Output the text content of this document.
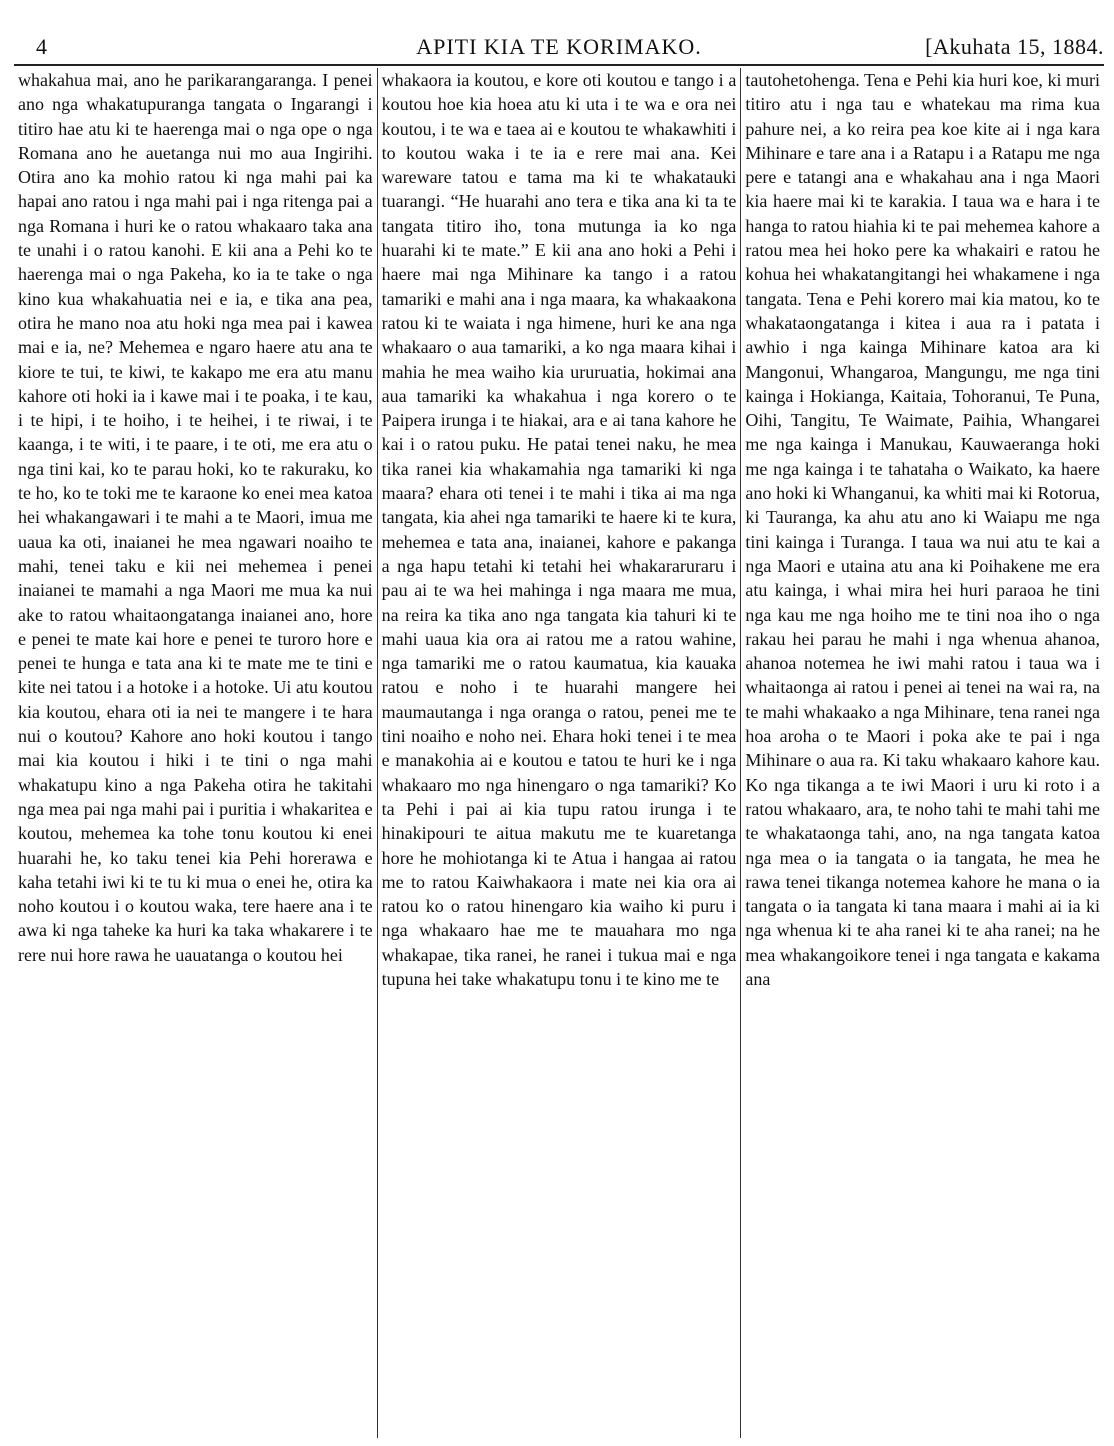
4	APITI KIA TE KORIMAKO.	[Akuhata 15, 1884.

whakahua mai, ano he parikarangaranga. I penei ano nga whakatupuranga tangata o Ingarangi i titiro hae atu ki te haerenga mai o nga ope o nga Romana ano he auetanga nui mo aua Ingirihi. Otira ano ka mohio ratou ki nga mahi pai ka hapai ano ratou i nga mahi pai i nga ritenga pai a nga Romana i huri ke o ratou whakaaro taka ana te unahi i o ratou kanohi. E kii ana a Pehi ko te haerenga mai o nga Pakeha, ko ia te take o nga kino kua whakahuatia nei e ia, e tika ana pea, otira he mano noa atu hoki nga mea pai i kawea mai e ia, ne? Mehemea e ngaro haere atu ana te kiore te tui, te kiwi, te kakapo me era atu manu kahore oti hoki ia i kawe mai i te poaka, i te kau, i te hipi, i te hoiho, i te heihei, i te riwai, i te kaanga, i te witi, i te paare, i te oti, me era atu o nga tini kai, ko te parau hoki, ko te rakuraku, ko te ho, ko te toki me te karaone ko enei mea katoa hei whakangawari i te mahi a te Maori, imua me uaua ka oti, inaianei he mea ngawari noaiho te mahi, tenei taku e kii nei mehemea i penei inaianei te mamahi a nga Maori me mua ka nui ake to ratou whaitaongatanga inaianei ano, hore e penei te mate kai hore e penei te turoro hore e penei te hunga e tata ana ki te mate me te tini e kite nei tatou i a hotoke i a hotoke. Ui atu koutou kia koutou, ehara oti ia nei te mangere i te hara nui o koutou? Kahore ano hoki koutou i tango mai kia koutou i hiki i te tini o nga mahi whakatupu kino a nga Pakeha otira he takitahi nga mea pai nga mahi pai i puritia i whakaritea e koutou, mehemea ka tohe tonu koutou ki enei huarahi he, ko taku tenei kia Pehi horerawa e kaha tetahi iwi ki te tu ki mua o enei he, otira ka noho koutou i o koutou waka, tere haere ana i te awa ki nga taheke ka huri ka taka whakarere i te rere nui hore rawa he uauatanga o koutou hei

whakaora ia koutou, e kore oti koutou e tango i a koutou hoe kia hoea atu ki uta i te wa e ora nei koutou, i te wa e taea ai e koutou te whakawhiti i to koutou waka i te ia e rere mai ana. Kei wareware tatou e tama ma ki te whakatauki tuarangi. “He huarahi ano tera e tika ana ki ta te tangata titiro iho, tona mutunga ia ko nga huarahi ki te mate.” E kii ana ano hoki a Pehi i haere mai nga Mihinare ka tango i a ratou tamariki e mahi ana i nga maara, ka whakaakona ratou ki te waiata i nga himene, huri ke ana nga whakaaro o aua tamariki, a ko nga maara kihai i mahia he mea waiho kia ururuatia, hokimai ana aua tamariki ka whakahua i nga korero o te Paipera irunga i te hiakai, ara e ai tana kahore he kai i o ratou puku. He patai tenei naku, he mea tika ranei kia whakamahia nga tamariki ki nga maara? ehara oti tenei i te mahi i tika ai ma nga tangata, kia ahei nga tamariki te haere ki te kura, mehemea e tata ana, inaianei, kahore e pakanga a nga hapu tetahi ki tetahi hei whakararuraru i pau ai te wa hei mahinga i nga maara me mua, na reira ka tika ano nga tangata kia tahuri ki te mahi uaua kia ora ai ratou me a ratou wahine, nga tamariki me o ratou kaumatua, kia kauaka ratou e noho i te huarahi mangere hei maumautanga i nga oranga o ratou, penei me te tini noaiho e noho nei. Ehara hoki tenei i te mea e manakohia ai e koutou e tatou te huri ke i nga whakaaro mo nga hinengaro o nga tamariki? Ko ta Pehi i pai ai kia tupu ratou irunga i te hinakipouri te aitua makutu me te kuaretanga hore he mohiotanga ki te Atua i hangaa ai ratou me to ratou Kaiwhakaora i mate nei kia ora ai ratou ko o ratou hinengaro kia waiho ki puru i nga whakaaro hae me te mauahara mo nga whakapae, tika ranei, he ranei i tukua mai e nga tupuna hei take whakatupu tonu i te kino me te

tautohetohenga. Tena e Pehi kia huri koe, ki muri titiro atu i nga tau e whatekau ma rima kua pahure nei, a ko reira pea koe kite ai i nga kara Mihinare e tare ana i a Ratapu i a Ratapu me nga pere e tatangi ana e whakahau ana i nga Maori kia haere mai ki te karakia. I taua wa e hara i te hanga to ratou hiahia ki te pai mehemea kahore a ratou mea hei hoko pere ka whakairi e ratou he kohua hei whakatangitangi hei whakamene i nga tangata. Tena e Pehi korero mai kia matou, ko te whakataongatanga i kitea i aua ra i patata i awhio i nga kainga Mihinare katoa ara ki Mangonui, Whangaroa, Mangungu, me nga tini kainga i Hokianga, Kaitaia, Tohoranui, Te Puna, Oihi, Tangitu, Te Waimate, Paihia, Whangarei me nga kainga i Manukau, Kauwaeranga hoki me nga kainga i te tahataha o Waikato, ka haere ano hoki ki Whanganui, ka whiti mai ki Rotorua, ki Tauranga, ka ahu atu ano ki Waiapu me nga tini kainga i Turanga. I taua wa nui atu te kai a nga Maori e utaina atu ana ki Poihakene me era atu kainga, i whai mira hei huri paraoa he tini nga kau me nga hoiho me te tini noa iho o nga rakau hei parau he mahi i nga whenua ahanoa, ahanoa notemea he iwi mahi ratou i taua wa i whaitaonga ai ratou i penei ai tenei na wai ra, na te mahi whakaako a nga Mihinare, tena ranei nga hoa aroha o te Maori i poka ake te pai i nga Mihinare o aua ra. Ki taku whakaaro kahore kau. Ko nga tikanga a te iwi Maori i uru ki roto i a ratou whakaaro, ara, te noho tahi te mahi tahi me te whakataonga tahi, ano, na nga tangata katoa nga mea o ia tangata o ia tangata, he mea he rawa tenei tikanga notemea kahore he mana o ia tangata o ia tangata ki tana maara i mahi ai ia ki nga whenua ki te aha ranei ki te aha ranei; na he mea whakangoikore tenei i nga tangata e kakama ana
